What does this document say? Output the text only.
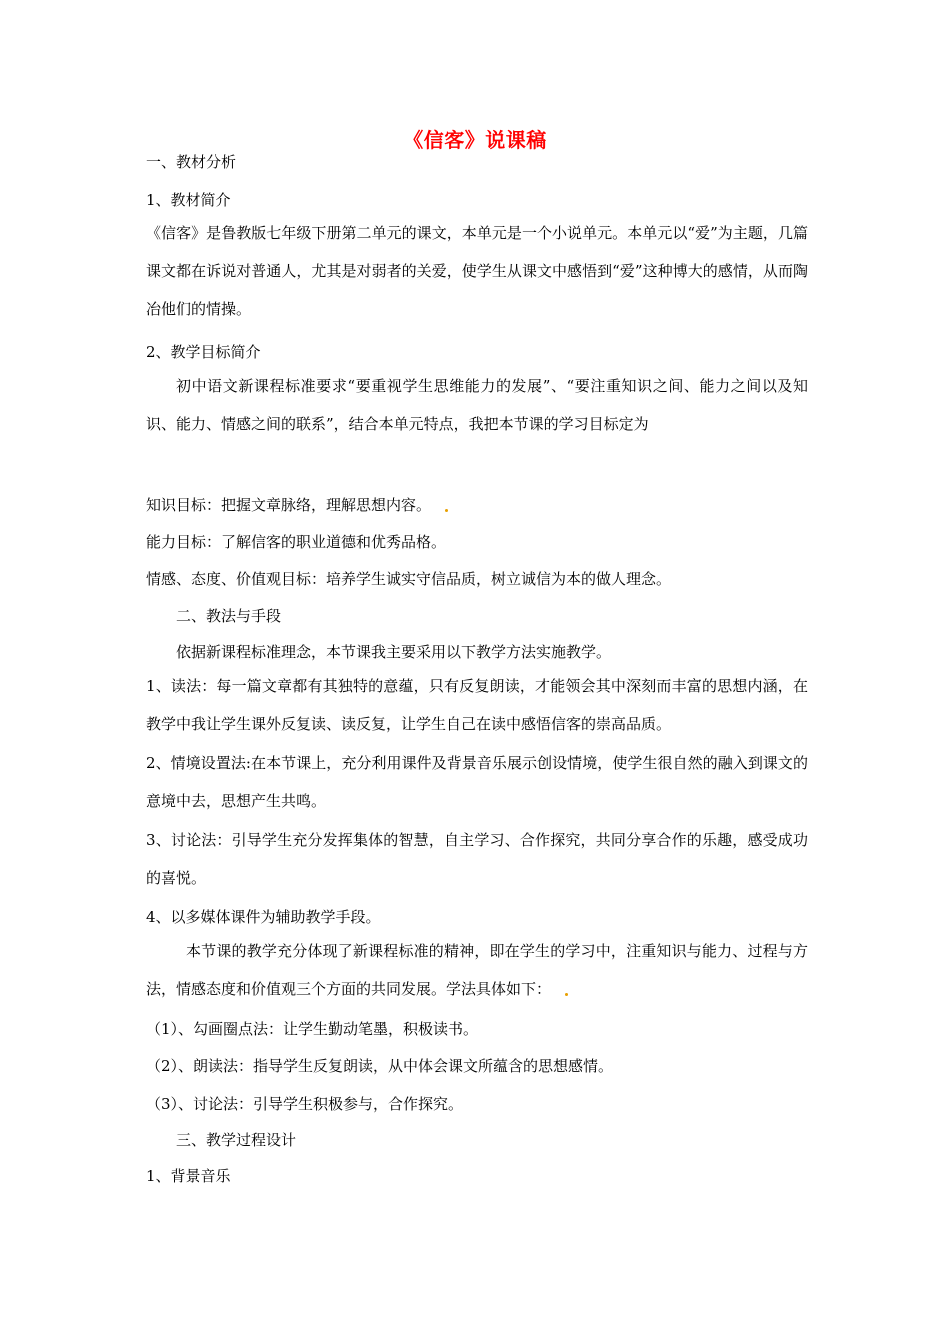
《信客》说课稿
一、教材分析
1、教材简介
《信客》是鲁教版七年级下册第二单元的课文，本单元是一个小说单元。本单元以“爱”为主题，几篇课文都在诉说对普通人，尤其是对弱者的关爱，使学生从课文中感悟到“爱”这种博大的感情，从而陶冶他们的情操。
2、教学目标简介
初中语文新课程标准要求“要重视学生思维能力的发展”、“要注重知识之间、能力之间以及知识、能力、情感之间的联系”，结合本单元特点，我把本节课的学习目标定为
知识目标：把握文章脉络，理解思想内容。
能力目标：了解信客的职业道德和优秀品格。
情感、态度、价值观目标：培养学生诚实守信品质，树立诚信为本的做人理念。
二、教法与手段
依据新课程标准理念，本节课我主要采用以下教学方法实施教学。
1、读法：每一篇文章都有其独特的意蕴，只有反复朗读，才能领会其中深刻而丰富的思想内涵，在教学中我让学生课外反复读、读反复，让学生自己在读中感悟信客的崇高品质。
2、情境设置法:在本节课上，充分利用课件及背景音乐展示创设情境，使学生很自然的融入到课文的意境中去，思想产生共鸣。
3、讨论法：引导学生充分发挥集体的智慧，自主学习、合作探究，共同分享合作的乐趣，感受成功的喜悦。
4、以多媒体课件为辅助教学手段。
本节课的教学充分体现了新课程标准的精神，即在学生的学习中，注重知识与能力、过程与方法，情感态度和价值观三个方面的共同发展。学法具体如下：
（1）、勾画圈点法：让学生勤动笔墨，积极读书。
（2）、朗读法：指导学生反复朗读，从中体会课文所蕴含的思想感情。
（3）、讨论法：引导学生积极参与，合作探究。
三、教学过程设计
1、背景音乐
